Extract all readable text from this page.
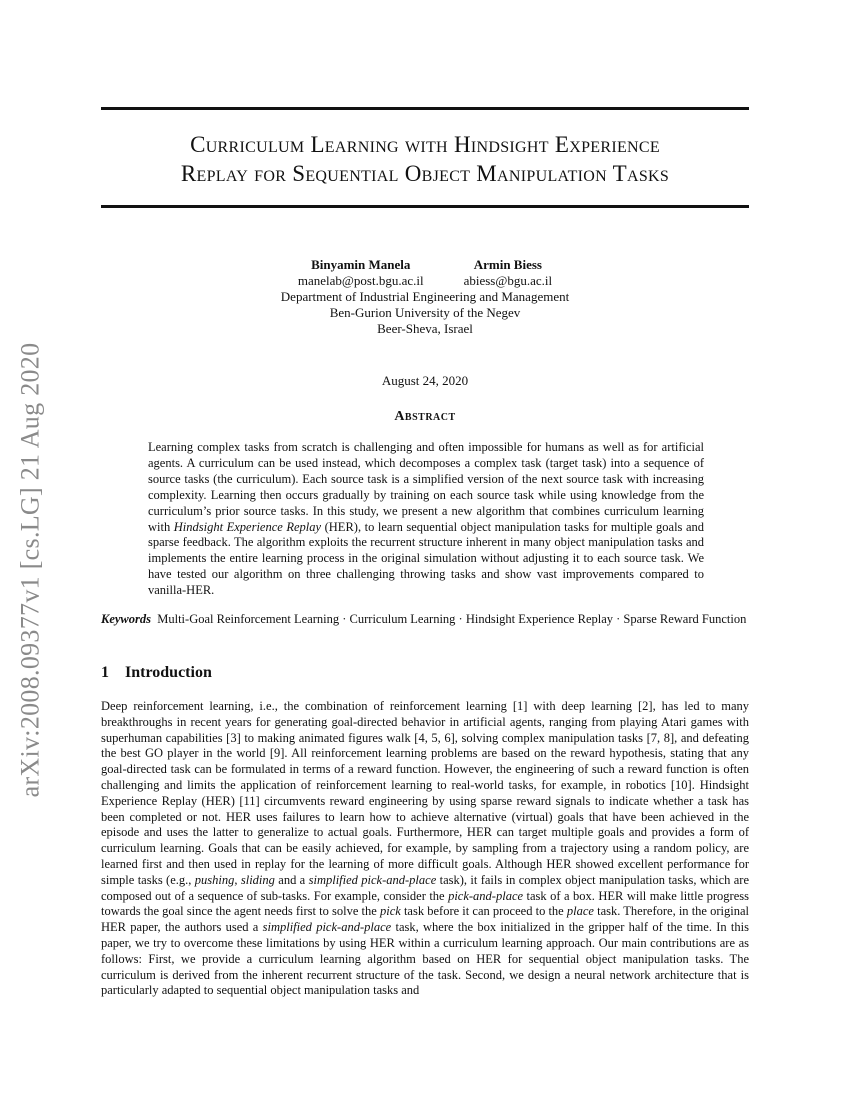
arXiv:2008.09377v1 [cs.LG] 21 Aug 2020
Curriculum Learning with Hindsight Experience
Replay for Sequential Object Manipulation Tasks
Binyamin Manela
manelab@post.bgu.ac.il
Armin Biess
abiess@bgu.ac.il
Department of Industrial Engineering and Management
Ben-Gurion University of the Negev
Beer-Sheva, Israel
August 24, 2020
Abstract
Learning complex tasks from scratch is challenging and often impossible for humans as well as for artificial agents. A curriculum can be used instead, which decomposes a complex task (target task) into a sequence of source tasks (the curriculum). Each source task is a simplified version of the next source task with increasing complexity. Learning then occurs gradually by training on each source task while using knowledge from the curriculum’s prior source tasks. In this study, we present a new algorithm that combines curriculum learning with Hindsight Experience Replay (HER), to learn sequential object manipulation tasks for multiple goals and sparse feedback. The algorithm exploits the recurrent structure inherent in many object manipulation tasks and implements the entire learning process in the original simulation without adjusting it to each source task. We have tested our algorithm on three challenging throwing tasks and show vast improvements compared to vanilla-HER.
Keywords Multi-Goal Reinforcement Learning · Curriculum Learning · Hindsight Experience Replay · Sparse Reward Function
1 Introduction

Deep reinforcement learning, i.e., the combination of reinforcement learning [1] with deep learning [2], has led to many breakthroughs in recent years for generating goal-directed behavior in artificial agents, ranging from playing Atari games with superhuman capabilities [3] to making animated figures walk [4, 5, 6], solving complex manipulation tasks [7, 8], and defeating the best GO player in the world [9]. All reinforcement learning problems are based on the reward hypothesis, stating that any goal-directed task can be formulated in terms of a reward function. However, the engineering of such a reward function is often challenging and limits the application of reinforcement learning to real-world tasks, for example, in robotics [10]. Hindsight Experience Replay (HER) [11] circumvents reward engineering by using sparse reward signals to indicate whether a task has been completed or not. HER uses failures to learn how to achieve alternative (virtual) goals that have been achieved in the episode and uses the latter to generalize to actual goals. Furthermore, HER can target multiple goals and provides a form of curriculum learning. Goals that can be easily achieved, for example, by sampling from a trajectory using a random policy, are learned first and then used in replay for the learning of more difficult goals. Although HER showed excellent performance for simple tasks (e.g., pushing, sliding and a simplified pick-and-place task), it fails in complex object manipulation tasks, which are composed out of a sequence of sub-tasks. For example, consider the pick-and-place task of a box. HER will make little progress towards the goal since the agent needs first to solve the pick task before it can proceed to the place task. Therefore, in the original HER paper, the authors used a simplified pick-and-place task, where the box initialized in the gripper half of the time. In this paper, we try to overcome these limitations by using HER within a curriculum learning approach. Our main contributions are as follows: First, we provide a curriculum learning algorithm based on HER for sequential object manipulation tasks. The curriculum is derived from the inherent recurrent structure of the task. Second, we design a neural network architecture that is particularly adapted to sequential object manipulation tasks and
